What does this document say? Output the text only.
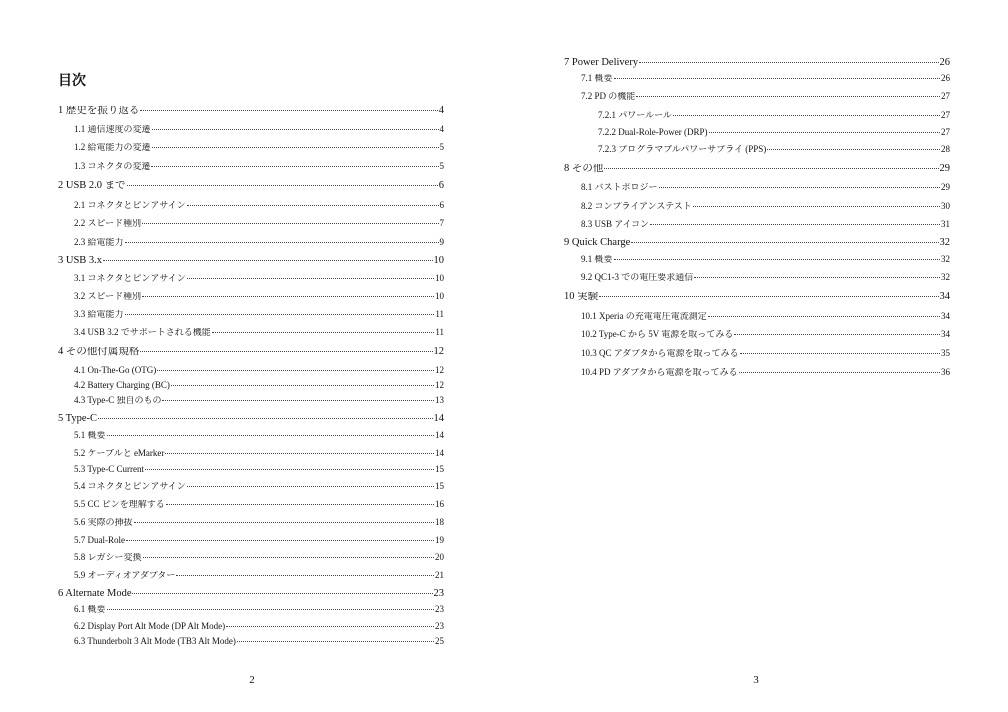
目次
1 歴史を振り返る	4
1.1 通信速度の変遷	4
1.2 給電能力の変遷	5
1.3 コネクタの変遷	5
2 USB 2.0 まで	6
2.1 コネクタとピンアサイン	6
2.2 スピード種別	7
2.3 給電能力	9
3 USB 3.x	10
3.1 コネクタとピンアサイン	10
3.2 スピード種別	10
3.3 給電能力	11
3.4 USB 3.2 でサポートされる機能	11
4 その他付属規格	12
4.1 On-The-Go (OTG)	12
4.2 Battery Charging (BC)	12
4.3 Type-C 独自のもの	13
5 Type-C	14
5.1 概要	14
5.2 ケーブルと eMarker	14
5.3 Type-C Current	15
5.4 コネクタとピンアサイン	15
5.5 CC ピンを理解する	16
5.6 実際の挿抜	18
5.7 Dual-Role	19
5.8 レガシー変換	20
5.9 オーディオアダプター	21
6 Alternate Mode	23
6.1 概要	23
6.2 Display Port Alt Mode (DP Alt Mode)	23
6.3 Thunderbolt 3 Alt Mode (TB3 Alt Mode)	25
2
7 Power Delivery	26
7.1 概要	26
7.2 PD の機能	27
7.2.1 パワールール	27
7.2.2 Dual-Role-Power (DRP)	27
7.2.3 プログラマブルパワーサプライ (PPS)	28
8 その他	29
8.1 バストポロジー	29
8.2 コンプライアンステスト	30
8.3 USB アイコン	31
9 Quick Charge	32
9.1 概要	32
9.2 QC1-3 での電圧要求通信	32
10 実験	34
10.1 Xperia の充電電圧電流測定	34
10.2 Type-C から 5V 電源を取ってみる	34
10.3 QC アダプタから電源を取ってみる	35
10.4 PD アダプタから電源を取ってみる	36
3
